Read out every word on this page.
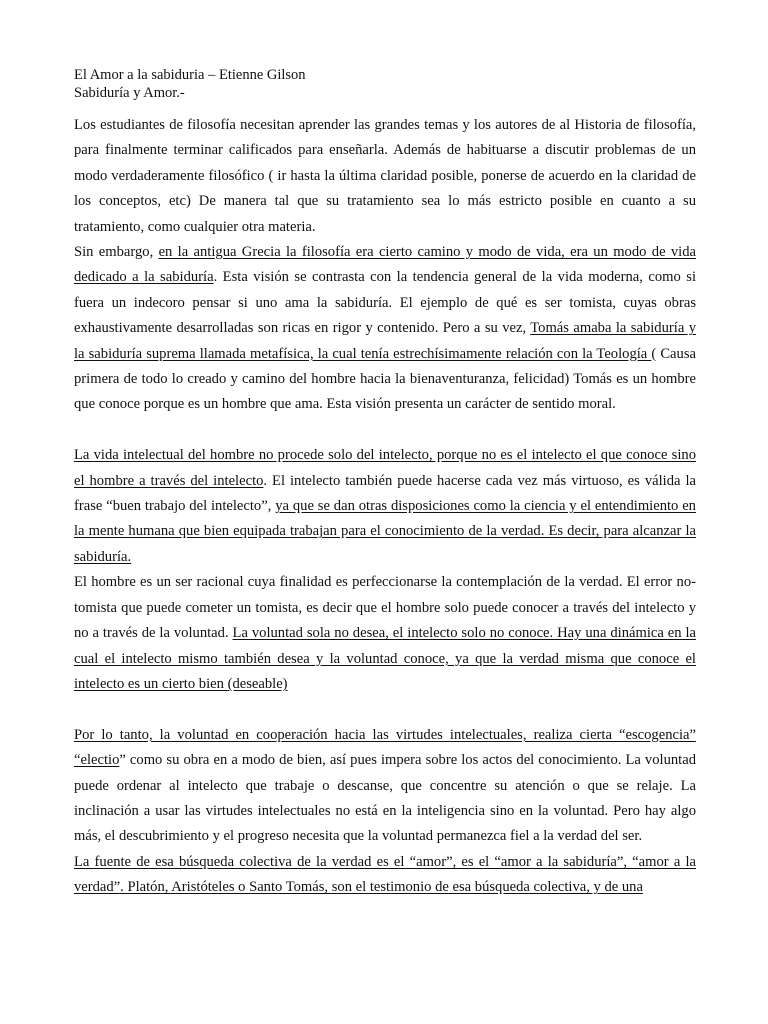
El Amor a la sabiduria – Etienne Gilson

Sabiduría y Amor.-

Los estudiantes de filosofía necesitan aprender las grandes temas y los autores de al Historia de filosofía, para finalmente terminar calificados para enseñarla. Además de habituarse a discutir problemas de un modo verdaderamente filosófico ( ir hasta la última claridad posible, ponerse de acuerdo en la claridad de los conceptos, etc) De manera tal que su tratamiento sea lo más estricto posible en cuanto a su tratamiento, como cualquier otra materia.

Sin embargo, en la antigua Grecia la filosofía era cierto camino y modo de vida, era un modo de vida dedicado a la sabiduría. Esta visión se contrasta con la tendencia general de la vida moderna, como si fuera un indecoro pensar si uno ama la sabiduría. El ejemplo de qué es ser tomista, cuyas obras exhaustivamente desarrolladas son ricas en rigor y contenido. Pero a su vez, Tomás amaba la sabiduría y la sabiduría suprema llamada metafísica, la cual tenía estrechísimamente relación con la Teología ( Causa primera de todo lo creado y camino del hombre hacia la bienaventuranza, felicidad) Tomás es un hombre que conoce porque es un hombre que ama. Esta visión presenta un carácter de sentido moral.

La vida intelectual del hombre no procede solo del intelecto, porque no es el intelecto el que conoce sino el hombre a través del intelecto. El intelecto también puede hacerse cada vez más virtuoso, es válida la frase “buen trabajo del intelecto”, ya que se dan otras disposiciones como la ciencia y el entendimiento en la mente humana que bien equipada trabajan para el conocimiento de la verdad. Es decir, para alcanzar la sabiduría.

El hombre es un ser racional cuya finalidad es perfeccionarse la contemplación de la verdad. El error no- tomista que puede cometer un tomista, es decir que el hombre solo puede conocer a través del intelecto y no a través de la voluntad. La voluntad sola no desea, el intelecto solo no conoce. Hay una dinámica en la cual el intelecto mismo también desea y la voluntad conoce, ya que la verdad misma que conoce el intelecto es un cierto bien (deseable)

Por lo tanto, la voluntad en cooperación hacia las virtudes intelectuales, realiza cierta “escogencia” “electio” como su obra en a modo de bien, así pues impera sobre los actos del conocimiento. La voluntad puede ordenar al intelecto que trabaje o descanse, que concentre su atención o que se relaje. La inclinación a usar las virtudes intelectuales no está en la inteligencia sino en la voluntad. Pero hay algo más, el descubrimiento y el progreso necesita que la voluntad permanezca fiel a la verdad del ser.

La fuente de esa búsqueda colectiva de la verdad es el “amor”, es el “amor a la sabiduría”, “amor a la verdad”. Platón, Aristóteles o Santo Tomás, son el testimonio de esa búsqueda colectiva, y de una
